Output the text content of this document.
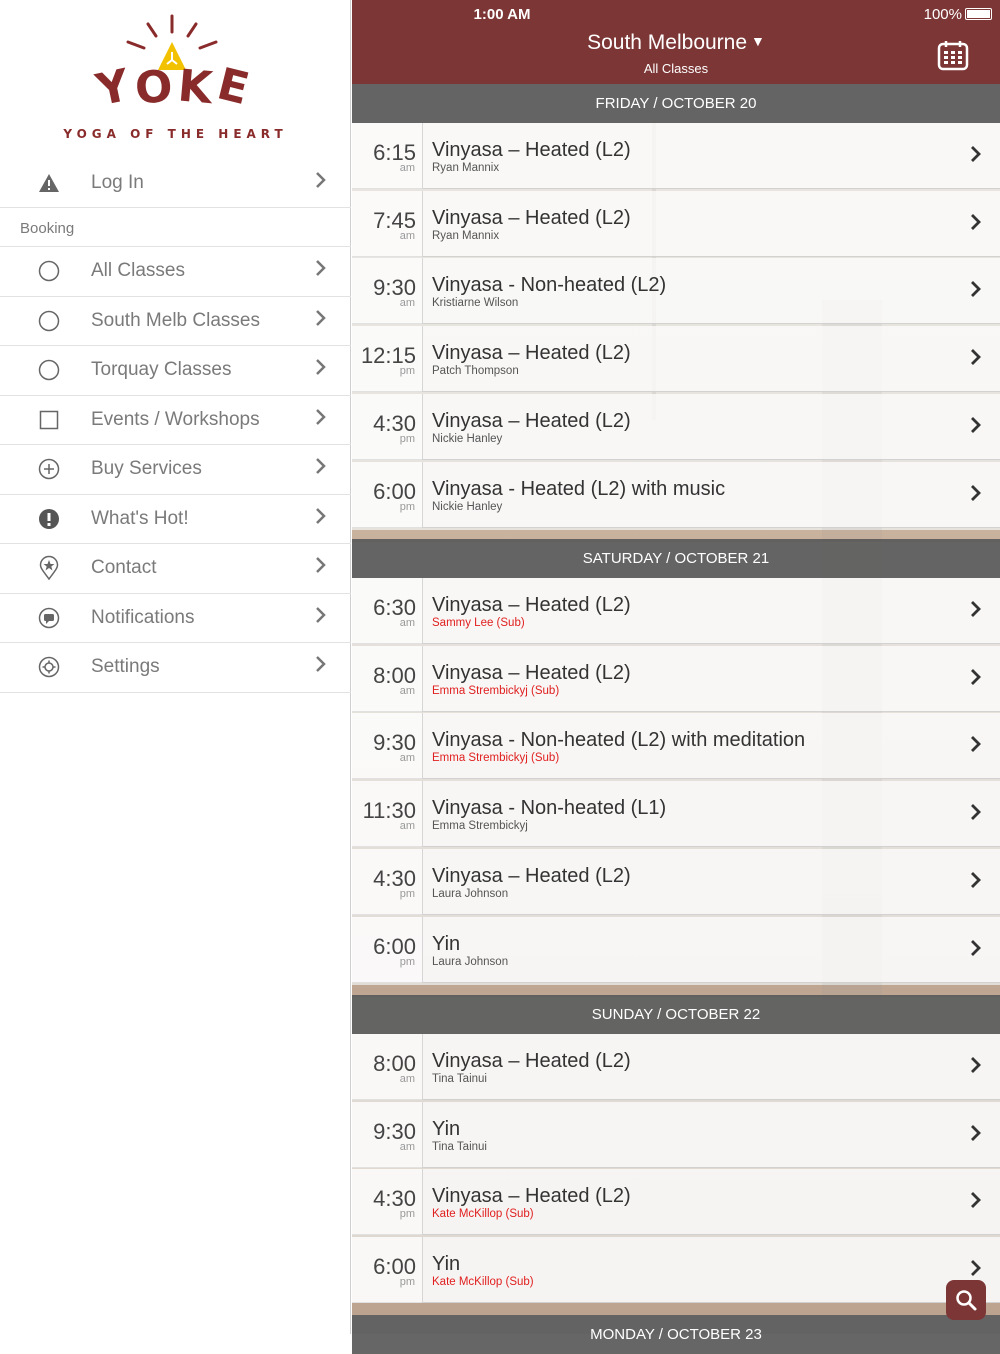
YOKE
YOGA OF THE HEART
Log In
Booking
All Classes
South Melb Classes
Torquay Classes
Events / Workshops
Buy Services
What's Hot!
Contact
Notifications
Settings
1:00 AM	100%
South Melbourne ▼
All Classes
FRIDAY / OCTOBER 20
6:15
am
Vinyasa – Heated (L2)
Ryan Mannix
7:45
am
Vinyasa – Heated (L2)
Ryan Mannix
9:30
am
Vinyasa - Non-heated (L2)
Kristiarne Wilson
12:15
pm
Vinyasa – Heated (L2)
Patch Thompson
4:30
pm
Vinyasa – Heated (L2)
Nickie Hanley
6:00
pm
Vinyasa - Heated (L2) with music
Nickie Hanley
SATURDAY / OCTOBER 21
6:30
am
Vinyasa – Heated (L2)
Sammy Lee (Sub)
8:00
am
Vinyasa – Heated (L2)
Emma Strembickyj (Sub)
9:30
am
Vinyasa - Non-heated (L2) with meditation
Emma Strembickyj (Sub)
11:30
am
Vinyasa - Non-heated (L1)
Emma Strembickyj
4:30
pm
Vinyasa – Heated (L2)
Laura Johnson
6:00
pm
Yin
Laura Johnson
SUNDAY / OCTOBER 22
8:00
am
Vinyasa – Heated (L2)
Tina Tainui
9:30
am
Yin
Tina Tainui
4:30
pm
Vinyasa – Heated (L2)
Kate McKillop (Sub)
6:00
pm
Yin
Kate McKillop (Sub)
MONDAY / OCTOBER 23
